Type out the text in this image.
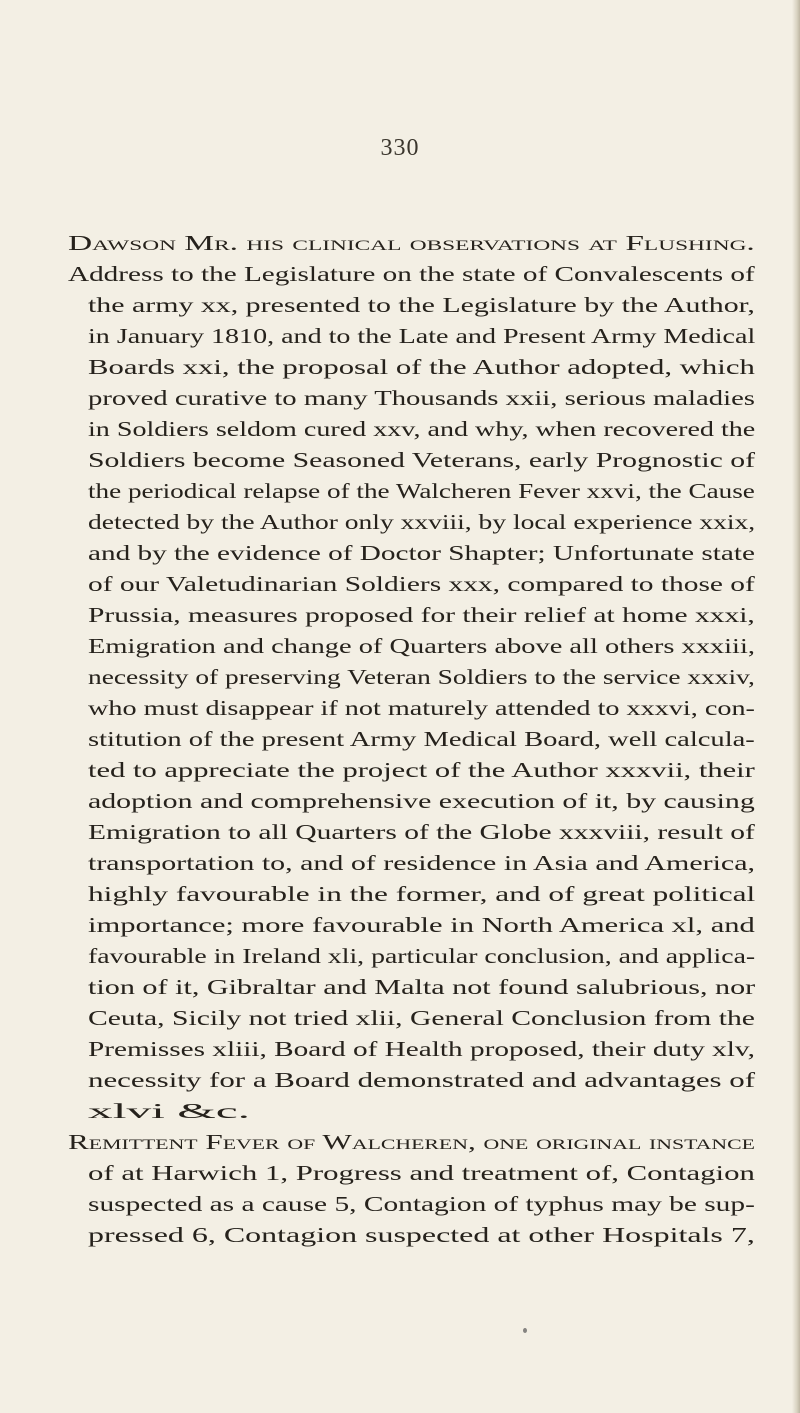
330
Dawson Mr. his clinical observations at Flushing.
Address to the Legislature on the state of Convalescents of
the army xx, presented to the Legislature by the Author,
in January 1810, and to the Late and Present Army Medical
Boards xxi, the proposal of the Author adopted, which
proved curative to many Thousands xxii, serious maladies
in Soldiers seldom cured xxv, and why, when recovered the
Soldiers become Seasoned Veterans, early Prognostic of
the periodical relapse of the Walcheren Fever xxvi, the Cause
detected by the Author only xxviii, by local experience xxix,
and by the evidence of Doctor Shapter; Unfortunate state
of our Valetudinarian Soldiers xxx, compared to those of
Prussia, measures proposed for their relief at home xxxi,
Emigration and change of Quarters above all others xxxiii,
necessity of preserving Veteran Soldiers to the service xxxiv,
who must disappear if not maturely attended to xxxvi, con-
stitution of the present Army Medical Board, well calcula-
ted to appreciate the project of the Author xxxvii, their
adoption and comprehensive execution of it, by causing
Emigration to all Quarters of the Globe xxxviii, result of
transportation to, and of residence in Asia and America,
highly favourable in the former, and of great political
importance; more favourable in North America xl, and
favourable in Ireland xli, particular conclusion, and applica-
tion of it, Gibraltar and Malta not found salubrious, nor
Ceuta, Sicily not tried xlii, General Conclusion from the
Premisses xliii, Board of Health proposed, their duty xlv,
necessity for a Board demonstrated and advantages of
xlvi &c.
Remittent Fever of Walcheren, one original instance
of at Harwich 1, Progress and treatment of, Contagion
suspected as a cause 5, Contagion of typhus may be sup-
pressed 6, Contagion suspected at other Hospitals 7,
